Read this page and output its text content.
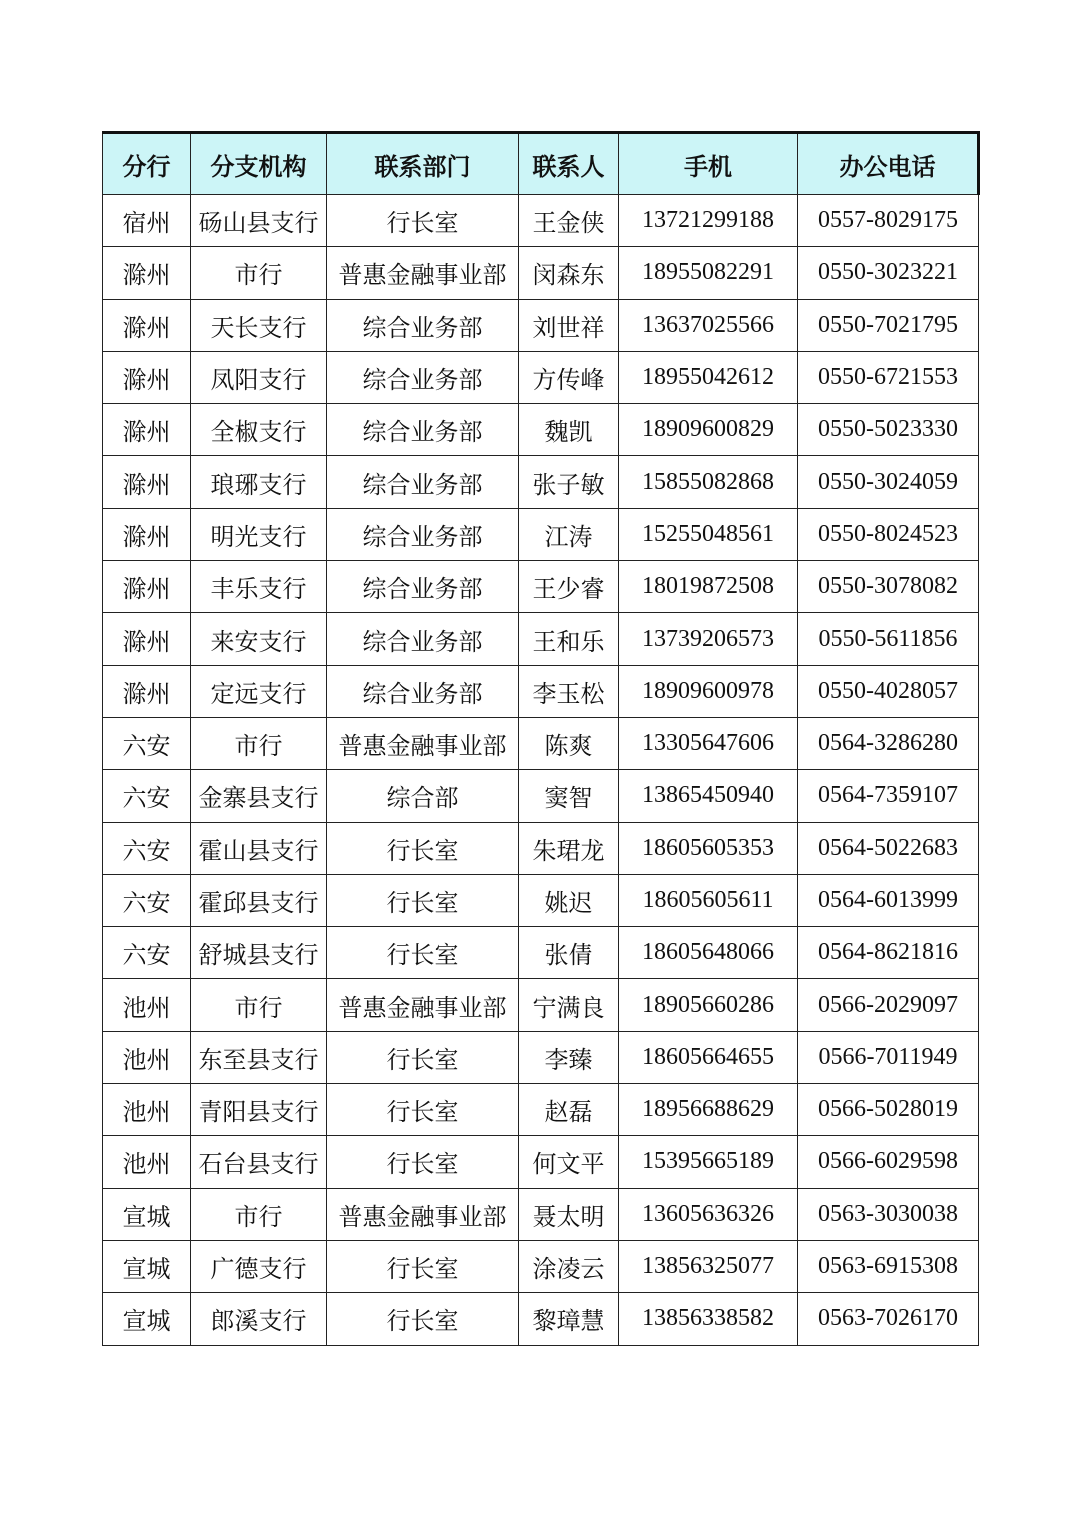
分行	分支机构	联系部门	联系人	手机	办公电话
宿州	砀山县支行	行长室	王金侠	13721299188	0557-8029175
滁州	市行	普惠金融事业部	闵森东	18955082291	0550-3023221
滁州	天长支行	综合业务部	刘世祥	13637025566	0550-7021795
滁州	凤阳支行	综合业务部	方传峰	18955042612	0550-6721553
滁州	全椒支行	综合业务部	魏凯	18909600829	0550-5023330
滁州	琅琊支行	综合业务部	张子敏	15855082868	0550-3024059
滁州	明光支行	综合业务部	江涛	15255048561	0550-8024523
滁州	丰乐支行	综合业务部	王少睿	18019872508	0550-3078082
滁州	来安支行	综合业务部	王和乐	13739206573	0550-5611856
滁州	定远支行	综合业务部	李玉松	18909600978	0550-4028057
六安	市行	普惠金融事业部	陈爽	13305647606	0564-3286280
六安	金寨县支行	综合部	窦智	13865450940	0564-7359107
六安	霍山县支行	行长室	朱珺龙	18605605353	0564-5022683
六安	霍邱县支行	行长室	姚迟	18605605611	0564-6013999
六安	舒城县支行	行长室	张倩	18605648066	0564-8621816
池州	市行	普惠金融事业部	宁满良	18905660286	0566-2029097
池州	东至县支行	行长室	李臻	18605664655	0566-7011949
池州	青阳县支行	行长室	赵磊	18956688629	0566-5028019
池州	石台县支行	行长室	何文平	15395665189	0566-6029598
宣城	市行	普惠金融事业部	聂太明	13605636326	0563-3030038
宣城	广德支行	行长室	涂凌云	13856325077	0563-6915308
宣城	郎溪支行	行长室	黎璋慧	13856338582	0563-7026170
